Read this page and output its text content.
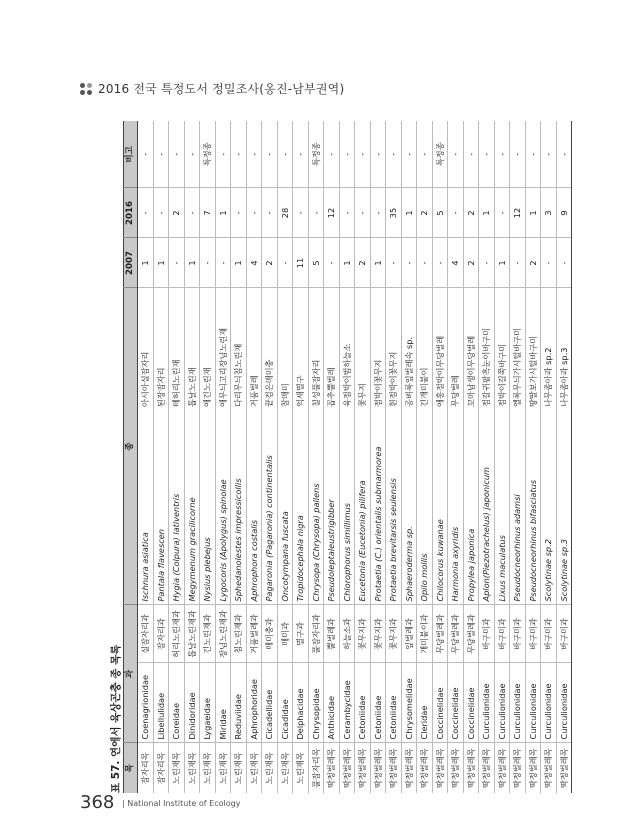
2016 전국 특정도서 정밀조사(옹진-남부권역)
표 57. 연에서 육상곤충 종 목록 목	과		종		2007	2016	비고
잠자리목	Coenagrionidae	실잠자리과	Ischnura asiatica	아시아실잠자리	1	-	-
잠자리목	Libellulidae	잠자리과	Pantala flavescen	된장잠자리	1	-	-
노린재목	Coreidae	허리노린재과	Hygia (Colpura) lativentris	떼허리노린재	-	2	-
노린재목	Dinidoridae	톱날노린재과	Megymenum gracilicorne	톱날노린재	1	-	-
노린재목	Lygaeidae	긴노린재과	Nysius plebejus	애긴노린재	-	7	특정종
노린재목	Miridae	장님노린재과	Lygocoris (Apolygus) spinolae	애무늬고리장님노린재	-	1	-
노린재목	Reduviidae	침노린재과	Sphedanolestes impressicollis	다리무늬침노린재	1	-	-
노린재목	Aphrophoridae	거품벌레과	Aphrophora costalis	거품벌레	4	-	-
노린재목	Cicadellidae	매미충과	Pagaronia (Pagaronia) continentalis	끝검은매미충	2	-	-
노린재목	Cicadidae	매미과	Oncotympana fuscata	참매미	-	28	-
노린재목	Delphacidae	멸구과	Tropidocephala nigra	억새멸구	11	-	-
풀잠자리목	Chrysopidae	풀잠자리과	Chrysopa (Chrysopa) pallens	칠성풀잠자리	5	-	특정종
딱정벌레목	Anthicidae	뿔벌레과	Pseudoleptaleustrigibber	꼽추뿔벌레	-	12	-
딱정벌레목	Cerambycidae	하늘소과	Chlorophorus simillimus	육점박이범하늘소	1	-	-
딱정벌레목	Cetoniidae	꽃무지과	Eucetonia (Eucetonia) pilifera	꽃무지	2	-	-
딱정벌레목	Cetoniidae	꽃무지과	Protaetia (C.) orientalis submarmorea	점박이꽃무지	1	-	-
딱정벌레목	Cetoniidae	꽃무지과	Protaetia brevitarsis seulensis	흰점박이꽃무지	-	35	-
딱정벌레목	Chrysomelidae	잎벌레과	Sphaeroderma sp.	공벼룩잎벌레속 sp.	-	1	-
딱정벌레목	Cleridae	개미붙이과	Opilo mollis	긴개미붙이	-	2	-
딱정벌레목	Coccinelidae	무당벌레과	Chilocorus kuwanae	애홍점박이무당벌레	-	5	특정종
딱정벌레목	Coccinelidae	무당벌레과	Harmonia axyridis	무당벌레	4	-	-
딱정벌레목	Coccinelidae	무당벌레과	Propylea japonica	꼬마남생이무당벌레	2	2	-
딱정벌레목	Curculionidae	바구미과	Aplon(Piezotrachelus) japonicum	점갈귀팥흑눈이바구미	-	1	-
딱정벌레목	Curculionidae	바구미과	Lixus maculatus	점박이길쭉바구미	1	-	-
딱정벌레목	Curculionidae	바구미과	Pseudocneorhinus adamsi	엘록무늬가시털바구미	-	12	-
딱정벌레목	Curculionidae	바구미과	Pseudocneorhinus bifasciatus	땅딸보가시털바구미	2	1	-
딱정벌레목	Curculionidae	바구미과	Scolytinae sp.2	나무좀아과 sp.2	-	3	-
딱정벌레목	Curculionidae	바구미과	Scolytinae sp.3	나무좀아과 sp.3	-	9	-
368 | National Institute of Ecology
